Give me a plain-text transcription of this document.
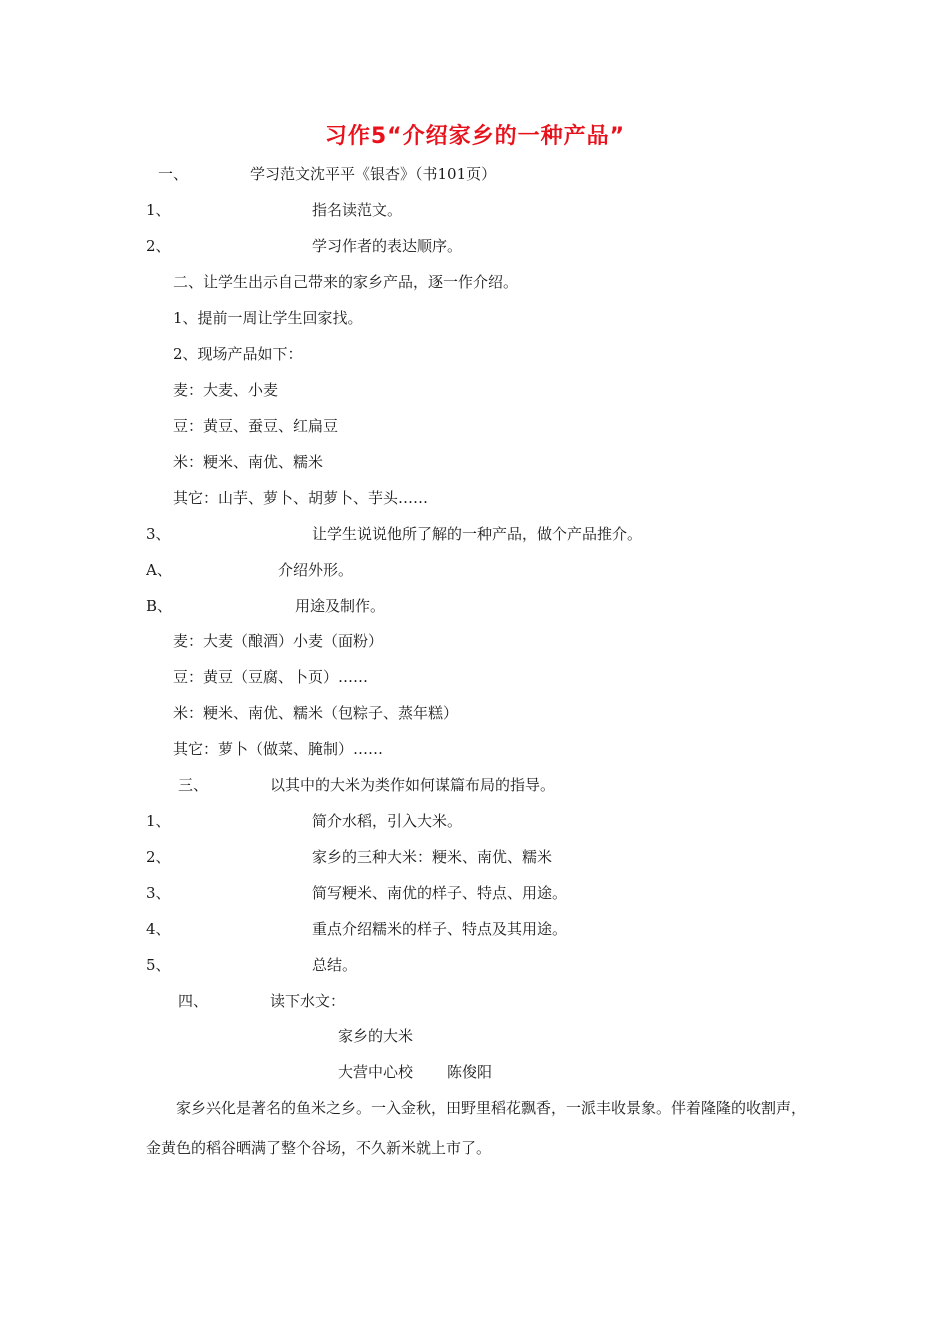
习作5“介绍家乡的一种产品”
一、	学习范文沈平平《银杏》（书101页）
1、	指名读范文。
2、	学习作者的表达顺序。
二、让学生出示自己带来的家乡产品，逐一作介绍。
1、提前一周让学生回家找。
2、现场产品如下：
麦：大麦、小麦
豆：黄豆、蚕豆、红扁豆
米：粳米、南优、糯米
其它：山芋、萝卜、胡萝卜、芋头……
3、	让学生说说他所了解的一种产品，做个产品推介。
A、	介绍外形。
B、	用途及制作。
麦：大麦（酿酒）小麦（面粉）
豆：黄豆（豆腐、卜页）……
米：粳米、南优、糯米（包粽子、蒸年糕）
其它：萝卜（做菜、腌制）……
三、	以其中的大米为类作如何谋篇布局的指导。
1、	简介水稻，引入大米。
2、	家乡的三种大米：粳米、南优、糯米
3、	简写粳米、南优的样子、特点、用途。
4、	重点介绍糯米的样子、特点及其用途。
5、	总结。
四、	读下水文：
家乡的大米
大营中心校 陈俊阳
家乡兴化是著名的鱼米之乡。一入金秋，田野里稻花飘香，一派丰收景象。伴着隆隆的收割声，金黄色的稻谷晒满了整个谷场，不久新米就上市了。
